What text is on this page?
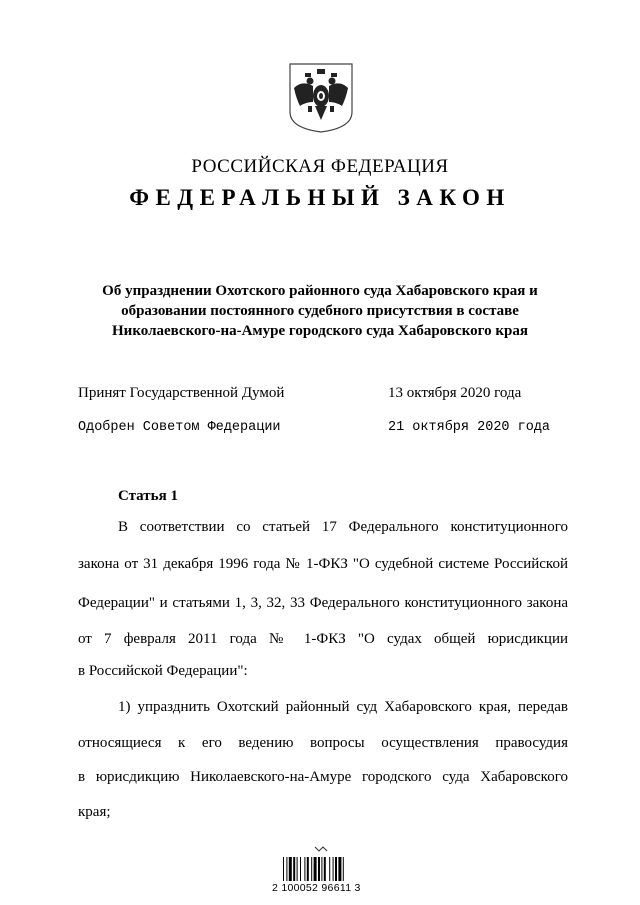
РОССИЙСКАЯ ФЕДЕРАЦИЯ
ФЕДЕРАЛЬНЫЙ ЗАКОН
Об упразднении Охотского районного суда Хабаровского края и
образовании постоянного судебного присутствия в составе
Николаевского-на-Амуре городского суда Хабаровского края
Принят Государственной Думой	13 октября 2020 года
Одобрен Советом Федерации	21 октября 2020 года
Статья 1
В соответствии со статьей 17 Федерального конституционного
закона от 31 декабря 1996 года № 1-ФКЗ "О судебной системе Российской
Федерации" и статьями 1, 3, 32, 33 Федерального конституционного закона
от 7 февраля 2011 года № 1-ФКЗ "О судах общей юрисдикции
в Российской Федерации":
1) упразднить Охотский районный суд Хабаровского края, передав
относящиеся к его ведению вопросы осуществления правосудия
в юрисдикцию Николаевского-на-Амуре городского суда Хабаровского
края;
2 100052 96611 3
